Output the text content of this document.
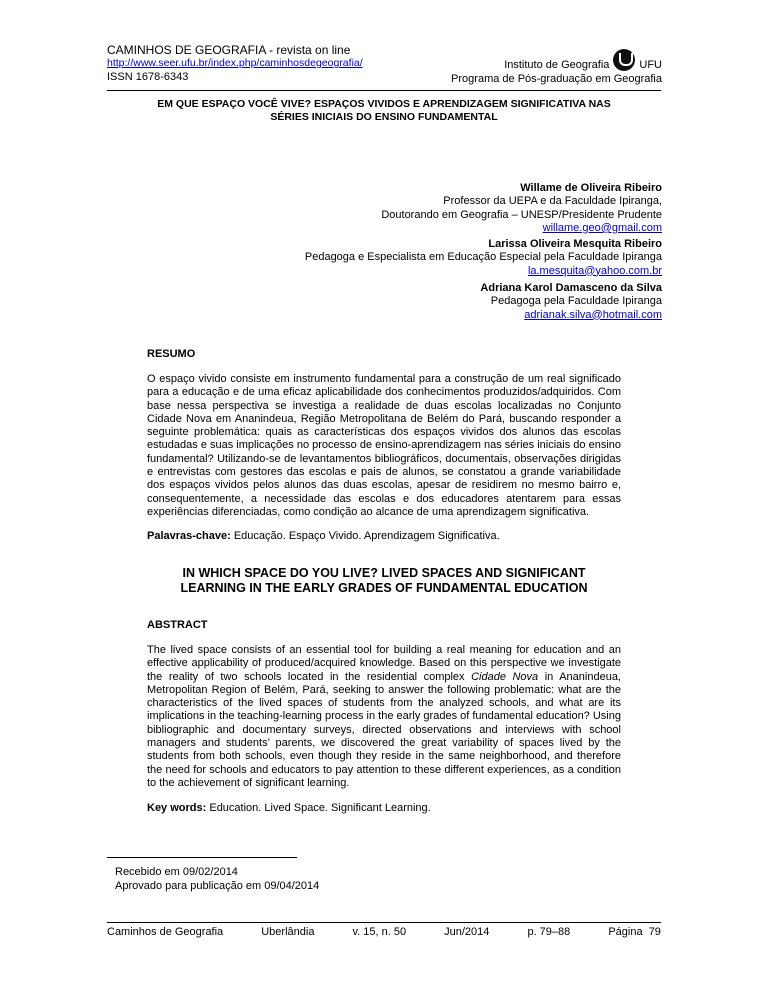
CAMINHOS DE GEOGRAFIA - revista on line
http://www.seer.ufu.br/index.php/caminhosdegeografia/
ISSN 1678-6343
Instituto de Geografia	UFU
Programa de Pós-graduação em Geografia
EM QUE ESPAÇO VOCÊ VIVE? ESPAÇOS VIVIDOS E APRENDIZAGEM SIGNIFICATIVA NAS
SÉRIES INICIAIS DO ENSINO FUNDAMENTAL
Willame de Oliveira Ribeiro
Professor da UEPA e da Faculdade Ipiranga,
Doutorando em Geografia – UNESP/Presidente Prudente
willame.geo@gmail.com
Larissa Oliveira Mesquita Ribeiro
Pedagoga e Especialista em Educação Especial pela Faculdade Ipiranga
la.mesquita@yahoo.com.br
Adriana Karol Damasceno da Silva
Pedagoga pela Faculdade Ipiranga
adrianak.silva@hotmail.com
RESUMO
O espaço vivido consiste em instrumento fundamental para a construção de um real significado para a educação e de uma eficaz aplicabilidade dos conhecimentos produzidos/adquiridos. Com base nessa perspectiva se investiga a realidade de duas escolas localizadas no Conjunto Cidade Nova em Ananindeua, Região Metropolitana de Belém do Pará, buscando responder a seguinte problemática: quais as características dos espaços vividos dos alunos das escolas estudadas e suas implicações no processo de ensino-aprendizagem nas séries iniciais do ensino fundamental? Utilizando-se de levantamentos bibliográficos, documentais, observações dirigidas e entrevistas com gestores das escolas e pais de alunos, se constatou a grande variabilidade dos espaços vividos pelos alunos das duas escolas, apesar de residirem no mesmo bairro e, consequentemente, a necessidade das escolas e dos educadores atentarem para essas experiências diferenciadas, como condição ao alcance de uma aprendizagem significativa.
Palavras-chave: Educação. Espaço Vivido. Aprendizagem Significativa.
IN WHICH SPACE DO YOU LIVE? LIVED SPACES AND SIGNIFICANT
LEARNING IN THE EARLY GRADES OF FUNDAMENTAL EDUCATION
ABSTRACT
The lived space consists of an essential tool for building a real meaning for education and an effective applicability of produced/acquired knowledge. Based on this perspective we investigate the reality of two schools located in the residential complex Cidade Nova in Ananindeua, Metropolitan Region of Belém, Pará, seeking to answer the following problematic: what are the characteristics of the lived spaces of students from the analyzed schools, and what are its implications in the teaching-learning process in the early grades of fundamental education? Using bibliographic and documentary surveys, directed observations and interviews with school managers and students’ parents, we discovered the great variability of spaces lived by the students from both schools, even though they reside in the same neighborhood, and therefore the need for schools and educators to pay attention to these different experiences, as a condition to the achievement of significant learning.
Key words: Education. Lived Space. Significant Learning.
Recebido em 09/02/2014
Aprovado para publicação em 09/04/2014
Caminhos de Geografia	Uberlândia	v. 15, n. 50	Jun/2014	p. 79–88	Página  79
